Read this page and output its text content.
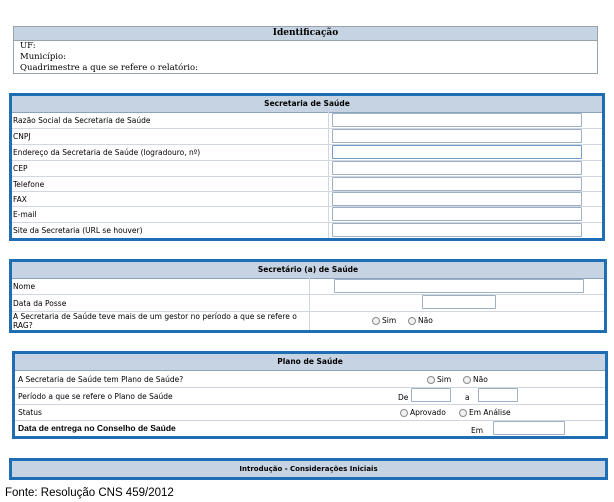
Identificação
UF:
Município:
Quadrimestre a que se refere o relatório:
Secretaria de Saúde
Razão Social da Secretaria de Saúde
CNPJ
Endereço da Secretaria de Saúde (logradouro, nº)
CEP
Telefone
FAX
E-mail
Site da Secretaria (URL se houver)
Secretário (a) de Saúde
Nome
Data da Posse
A Secretaria de Saúde teve mais de um gestor no período a que se refere o RAG?
Sim	Não
Plano de Saúde
A Secretaria de Saúde tem Plano de Saúde?	Sim	Não
Período a que se refere o Plano de Saúde	De	a
Status	Aprovado	Em Análise
Data de entrega no Conselho de Saúde	Em
Introdução - Considerações Iniciais
Fonte: Resolução CNS 459/2012
